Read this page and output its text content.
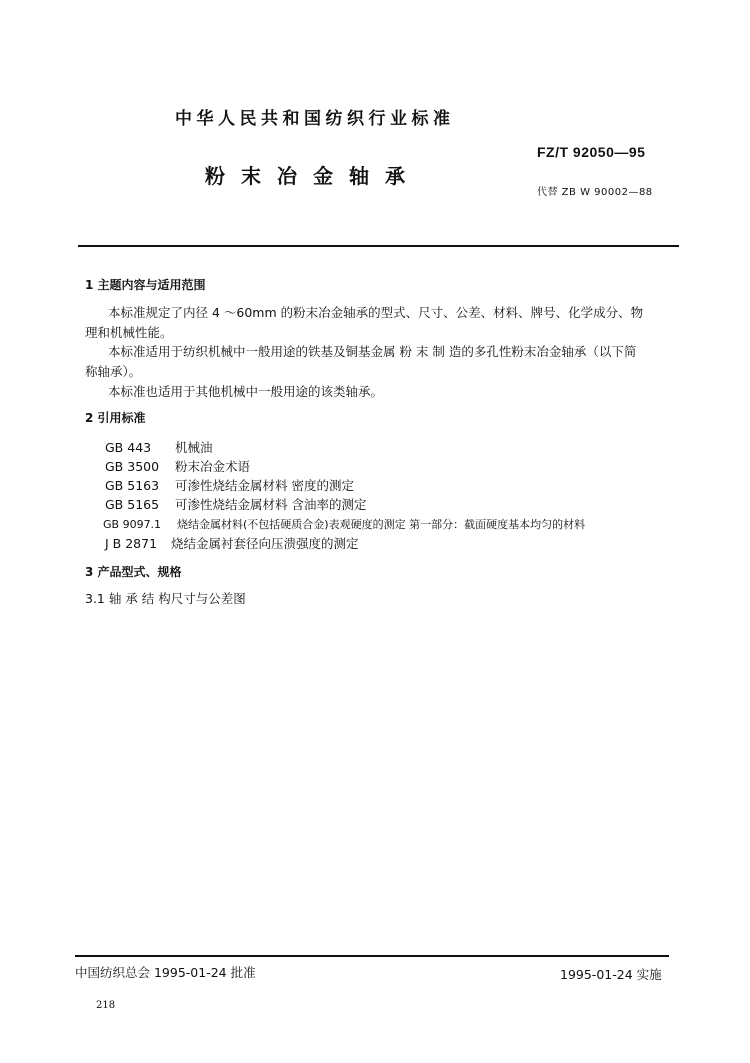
中华人民共和国纺织行业标准
粉末冶金轴承
FZ/T 92050—95
代替 ZB W 90002—88
1 主题内容与适用范围
本标准规定了内径 4 ～60mm 的粉末冶金轴承的型式、尺寸、公差、材料、牌号、化学成分、物
理和机械性能。
本标准适用于纺织机械中一般用途的铁基及铜基金属 粉 末 制 造的多孔性粉末冶金轴承（以下简
称轴承）。
本标准也适用于其他机械中一般用途的该类轴承。
2 引用标准
GB 443 机械油
GB 3500 粉末冶金术语
GB 5163 可渗性烧结金属材料 密度的测定
GB 5165 可渗性烧结金属材料 含油率的测定
GB 9097.1 烧结金属材料(不包括硬质合金)表观硬度的测定 第一部分：截面硬度基本均匀的材料
J B 2871 烧结金属衬套径向压溃强度的测定
3 产品型式、规格
3.1 轴 承 结 构尺寸与公差图
中国纺织总会 1995-01-24 批准	1995-01-24 实施
218
